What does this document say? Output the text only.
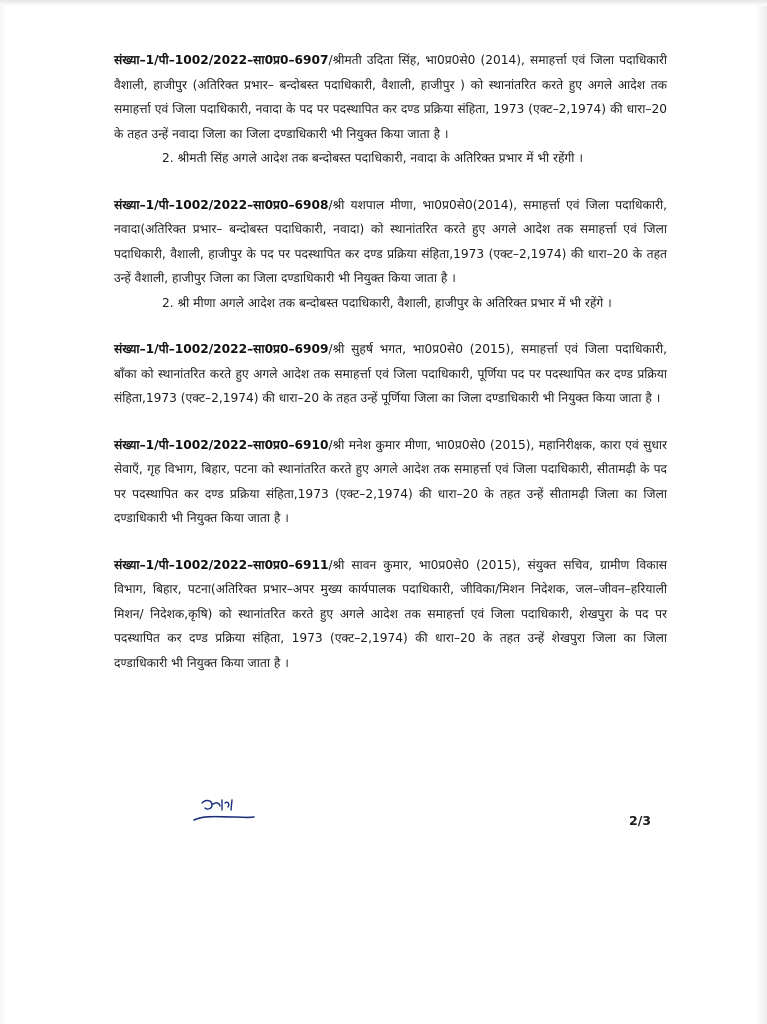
संख्या–1/पी–1002/2022–सा0प्र0–6907/श्रीमती उदिता सिंह, भा0प्र0से0 (2014), समाहर्त्ता एवं जिला पदाधिकारी वैशाली, हाजीपुर (अतिरिक्त प्रभार– बन्दोबस्त पदाधिकारी, वैशाली, हाजीपुर ) को स्थानांतरित करते हुए अगले आदेश तक समाहर्त्ता एवं जिला पदाधिकारी, नवादा के पद पर पदस्थापित कर दण्ड प्रक्रिया संहिता, 1973 (एक्ट–2,1974) की धारा–20 के तहत उन्हें नवादा जिला का जिला दण्डाधिकारी भी नियुक्त किया जाता है ।

2. श्रीमती सिंह अगले आदेश तक बन्दोबस्त पदाधिकारी, नवादा के अतिरिक्त प्रभार में भी रहेंगी ।

संख्या–1/पी–1002/2022–सा0प्र0–6908/श्री यशपाल मीणा, भा0प्र0से0(2014), समाहर्त्ता एवं जिला पदाधिकारी, नवादा(अतिरिक्त प्रभार– बन्दोबस्त पदाधिकारी, नवादा) को स्थानांतरित करते हुए अगले आदेश तक समाहर्त्ता एवं जिला पदाधिकारी, वैशाली, हाजीपुर के पद पर पदस्थापित कर दण्ड प्रक्रिया संहिता,1973 (एक्ट–2,1974) की धारा–20 के तहत उन्हें वैशाली, हाजीपुर जिला का जिला दण्डाधिकारी भी नियुक्त किया जाता है ।

2. श्री मीणा अगले आदेश तक बन्दोबस्त पदाधिकारी, वैशाली, हाजीपुर के अतिरिक्त प्रभार में भी रहेंगे ।

संख्या–1/पी–1002/2022–सा0प्र0–6909/श्री सुहर्ष भगत, भा0प्र0से0 (2015), समाहर्त्ता एवं जिला पदाधिकारी, बाँका को स्थानांतरित करते हुए अगले आदेश तक समाहर्त्ता एवं जिला पदाधिकारी, पूर्णिया पद पर पदस्थापित कर दण्ड प्रक्रिया संहिता,1973 (एक्ट–2,1974) की धारा–20 के तहत उन्हें पूर्णिया जिला का जिला दण्डाधिकारी भी नियुक्त किया जाता है ।
संख्या–1/पी–1002/2022–सा0प्र0–6910/श्री मनेश कुमार मीणा, भा0प्र0से0 (2015), महानिरीक्षक, कारा एवं सुधार सेवाएँ, गृह विभाग, बिहार, पटना को स्थानांतरित करते हुए अगले आदेश तक समाहर्त्ता एवं जिला पदाधिकारी, सीतामढ़ी के पद पर पदस्थापित कर दण्ड प्रक्रिया संहिता,1973 (एक्ट–2,1974) की धारा–20 के तहत उन्हें सीतामढ़ी जिला का जिला दण्डाधिकारी भी नियुक्त किया जाता है ।
संख्या–1/पी–1002/2022–सा0प्र0–6911/श्री सावन कुमार, भा0प्र0से0 (2015), संयुक्त सचिव, ग्रामीण विकास विभाग, बिहार, पटना(अतिरिक्त प्रभार–अपर मुख्य कार्यपालक पदाधिकारी, जीविका/मिशन निदेशक, जल–जीवन–हरियाली मिशन/ निदेशक,कृषि) को स्थानांतरित करते हुए अगले आदेश तक समाहर्त्ता एवं जिला पदाधिकारी, शेखपुरा के पद पर पदस्थापित कर दण्ड प्रक्रिया संहिता, 1973 (एक्ट–2,1974) की धारा–20 के तहत उन्हें शेखपुरा जिला का जिला दण्डाधिकारी भी नियुक्त किया जाता है ।
2/3
